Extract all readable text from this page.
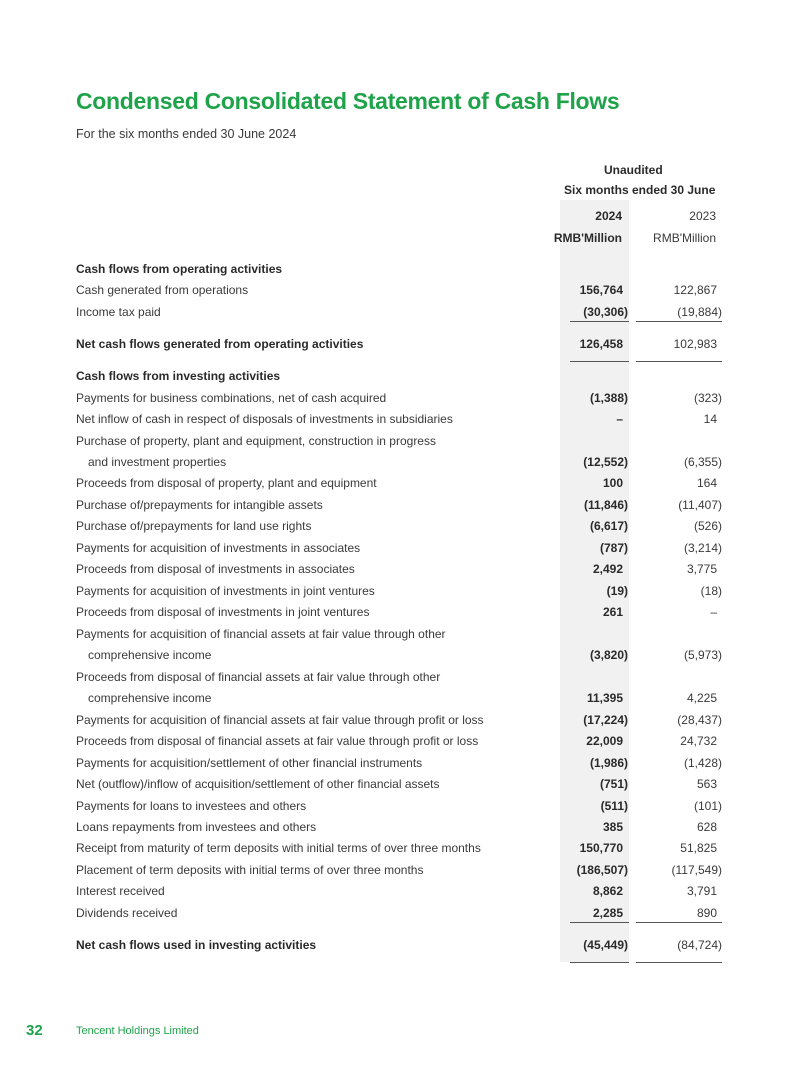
Condensed Consolidated Statement of Cash Flows
For the six months ended 30 June 2024
Unaudited
Six months ended 30 June
2024	2023
RMB'Million	RMB'Million
Cash flows from operating activities
Cash generated from operations	156,764	122,867
Income tax paid	(30,306)	(19,884)
Net cash flows generated from operating activities	126,458	102,983
Cash flows from investing activities
Payments for business combinations, net of cash acquired	(1,388)	(323)
Net inflow of cash in respect of disposals of investments in subsidiaries	–	14
Purchase of property, plant and equipment, construction in progress
and investment properties	(12,552)	(6,355)
Proceeds from disposal of property, plant and equipment	100	164
Purchase of/prepayments for intangible assets	(11,846)	(11,407)
Purchase of/prepayments for land use rights	(6,617)	(526)
Payments for acquisition of investments in associates	(787)	(3,214)
Proceeds from disposal of investments in associates	2,492	3,775
Payments for acquisition of investments in joint ventures	(19)	(18)
Proceeds from disposal of investments in joint ventures	261	–
Payments for acquisition of financial assets at fair value through other
comprehensive income	(3,820)	(5,973)
Proceeds from disposal of financial assets at fair value through other
comprehensive income	11,395	4,225
Payments for acquisition of financial assets at fair value through profit or loss	(17,224)	(28,437)
Proceeds from disposal of financial assets at fair value through profit or loss	22,009	24,732
Payments for acquisition/settlement of other financial instruments	(1,986)	(1,428)
Net (outflow)/inflow of acquisition/settlement of other financial assets	(751)	563
Payments for loans to investees and others	(511)	(101)
Loans repayments from investees and others	385	628
Receipt from maturity of term deposits with initial terms of over three months	150,770	51,825
Placement of term deposits with initial terms of over three months	(186,507)	(117,549)
Interest received	8,862	3,791
Dividends received	2,285	890
Net cash flows used in investing activities	(45,449)	(84,724)
32	Tencent Holdings Limited
